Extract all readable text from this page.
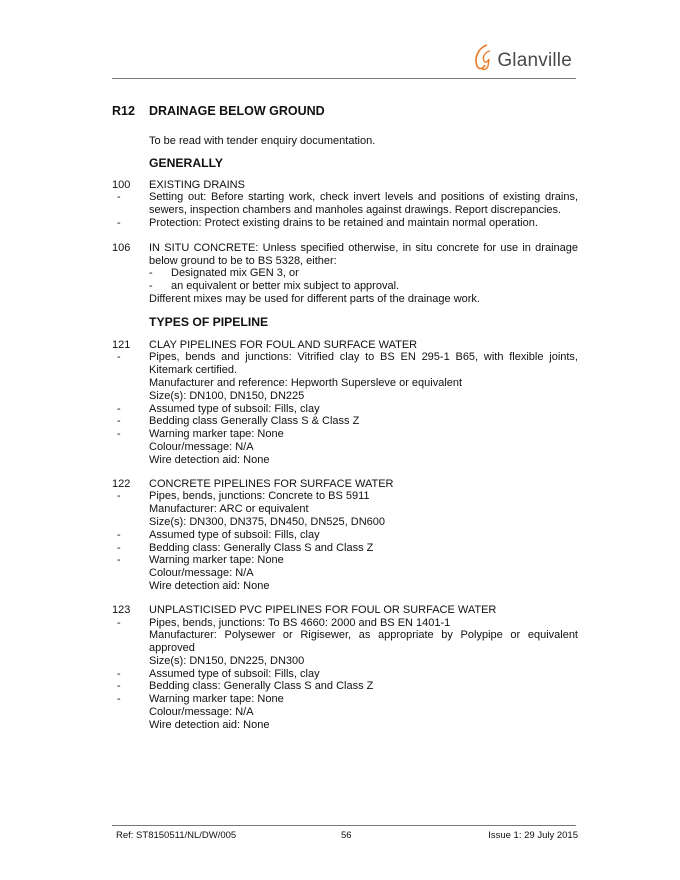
Glanville
R12 DRAINAGE BELOW GROUND
To be read with tender enquiry documentation.
GENERALLY
100	EXISTING DRAINS
-	Setting out: Before starting work, check invert levels and positions of existing drains, sewers, inspection chambers and manholes against drawings. Report discrepancies.
-	Protection: Protect existing drains to be retained and maintain normal operation.
106	IN SITU CONCRETE: Unless specified otherwise, in situ concrete for use in drainage below ground to be to BS 5328, either:
-	Designated mix GEN 3, or
-	an equivalent or better mix subject to approval.
Different mixes may be used for different parts of the drainage work.
TYPES OF PIPELINE
121	CLAY PIPELINES FOR FOUL AND SURFACE WATER
-	Pipes, bends and junctions: Vitrified clay to BS EN 295-1 B65, with flexible joints, Kitemark certified.
Manufacturer and reference: Hepworth Supersleve or equivalent
Size(s): DN100, DN150, DN225
-	Assumed type of subsoil: Fills, clay
-	Bedding class Generally Class S & Class Z
-	Warning marker tape: None
Colour/message: N/A
Wire detection aid: None
122	CONCRETE PIPELINES FOR SURFACE WATER
-	Pipes, bends, junctions: Concrete to BS 5911
Manufacturer: ARC or equivalent
Size(s): DN300, DN375, DN450, DN525, DN600
-	Assumed type of subsoil: Fills, clay
-	Bedding class: Generally Class S and Class Z
-	Warning marker tape: None
Colour/message: N/A
Wire detection aid: None
123	UNPLASTICISED PVC PIPELINES FOR FOUL OR SURFACE WATER
-	Pipes, bends, junctions: To BS 4660: 2000 and BS EN 1401-1
Manufacturer: Polysewer or Rigisewer, as appropriate by Polypipe or equivalent approved
Size(s): DN150, DN225, DN300
-	Assumed type of subsoil: Fills, clay
-	Bedding class: Generally Class S and Class Z
-	Warning marker tape: None
Colour/message: N/A
Wire detection aid: None
Ref: ST8150511/NL/DW/005	56	Issue 1: 29 July 2015
